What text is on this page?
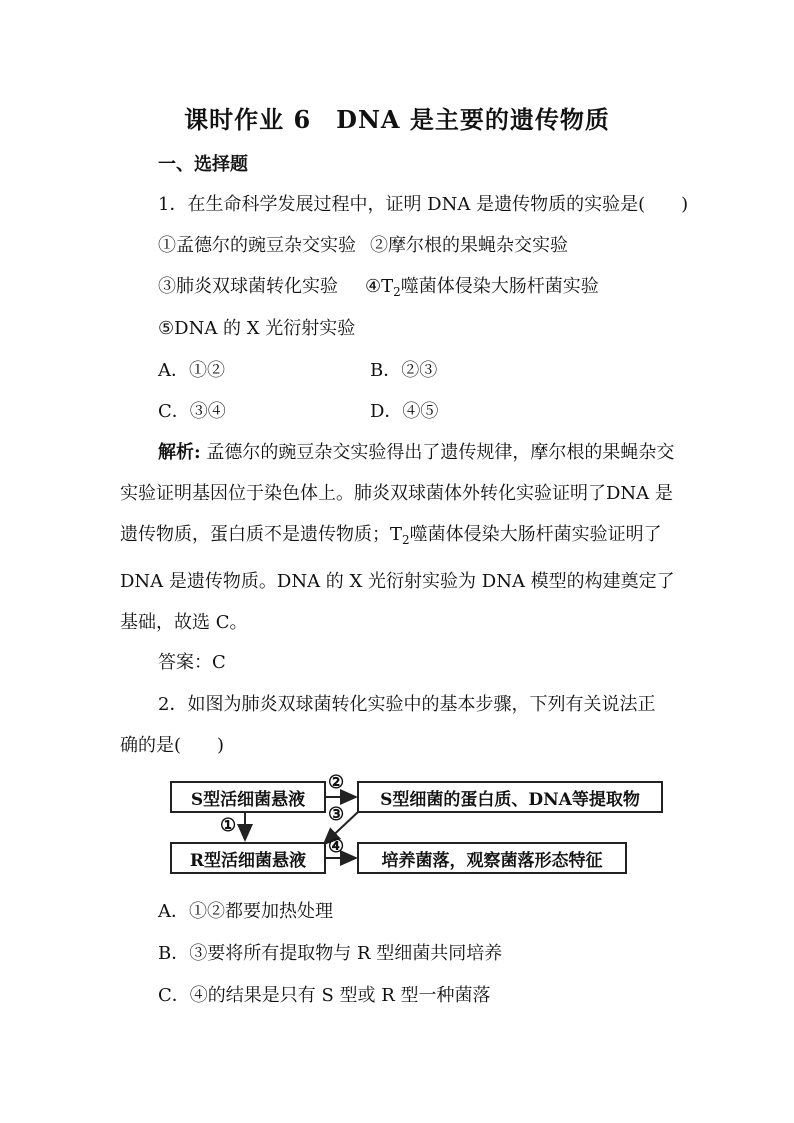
课时作业 6　DNA 是主要的遗传物质
一、选择题
1．在生命科学发展过程中，证明 DNA 是遗传物质的实验是(　　)
①孟德尔的豌豆杂交实验 ②摩尔根的果蝇杂交实验
③肺炎双球菌转化实验 $④T_2$噬菌体侵染大肠杆菌实验
⑤DNA 的 X 光衍射实验
A．①②	B．②③
C．③④	D．④⑤
解析: 孟德尔的豌豆杂交实验得出了遗传规律，摩尔根的果蝇杂交实验证明基因位于染色体上。肺炎双球菌体外转化实验证明了DNA 是遗传物质，蛋白质不是遗传物质；$T_2$噬菌体侵染大肠杆菌实验证明了 DNA 是遗传物质。DNA 的 X 光衍射实验为 DNA 模型的构建奠定了基础，故选 C。
答案：C
2．如图为肺炎双球菌转化实验中的基本步骤，下列有关说法正
确的是(　　)
S型活细菌悬液	S型细菌的蛋白质、DNA等提取物
R型活细菌悬液	培养菌落，观察菌落形态特征
②
①
③
④
A．①②都要加热处理
B．③要将所有提取物与 R 型细菌共同培养
C．④的结果是只有 S 型或 R 型一种菌落
